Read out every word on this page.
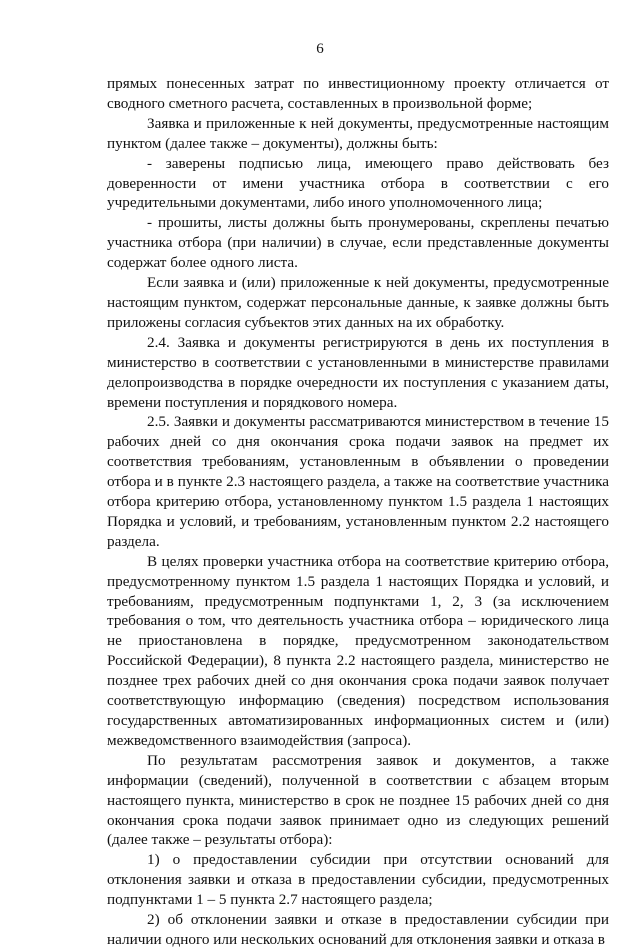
6

прямых понесенных затрат по инвестиционному проекту отличается от сводного сметного расчета, составленных в произвольной форме;

Заявка и приложенные к ней документы, предусмотренные настоящим пунктом (далее также – документы), должны быть:

- заверены подписью лица, имеющего право действовать без доверенности от имени участника отбора в соответствии с его учредительными документами, либо иного уполномоченного лица;

- прошиты, листы должны быть пронумерованы, скреплены печатью участника отбора (при наличии) в случае, если представленные документы содержат более одного листа.

Если заявка и (или) приложенные к ней документы, предусмотренные настоящим пунктом, содержат персональные данные, к заявке должны быть приложены согласия субъектов этих данных на их обработку.

2.4. Заявка и документы регистрируются в день их поступления в министерство в соответствии с установленными в министерстве правилами делопроизводства в порядке очередности их поступления с указанием даты, времени поступления и порядкового номера.

2.5. Заявки и документы рассматриваются министерством в течение 15 рабочих дней со дня окончания срока подачи заявок на предмет их соответствия требованиям, установленным в объявлении о проведении отбора и в пункте 2.3 настоящего раздела, а также на соответствие участника отбора критерию отбора, установленному пунктом 1.5 раздела 1 настоящих Порядка и условий, и требованиям, установленным пунктом 2.2 настоящего раздела.

В целях проверки участника отбора на соответствие критерию отбора, предусмотренному пунктом 1.5 раздела 1 настоящих Порядка и условий, и требованиям, предусмотренным подпунктами 1, 2, 3 (за исключением требования о том, что деятельность участника отбора – юридического лица не приостановлена в порядке, предусмотренном законодательством Российской Федерации), 8 пункта 2.2 настоящего раздела, министерство не позднее трех рабочих дней со дня окончания срока подачи заявок получает соответствующую информацию (сведения) посредством использования государственных автоматизированных информационных систем и (или) межведомственного взаимодействия (запроса).

По результатам рассмотрения заявок и документов, а также информации (сведений), полученной в соответствии с абзацем вторым настоящего пункта, министерство в срок не позднее 15 рабочих дней со дня окончания срока подачи заявок принимает одно из следующих решений (далее также – результаты отбора):

1) о предоставлении субсидии при отсутствии оснований для отклонения заявки и отказа в предоставлении субсидии, предусмотренных подпунктами 1 – 5 пункта 2.7 настоящего раздела;

2) об отклонении заявки и отказе в предоставлении субсидии при наличии одного или нескольких оснований для отклонения заявки и отказа в
